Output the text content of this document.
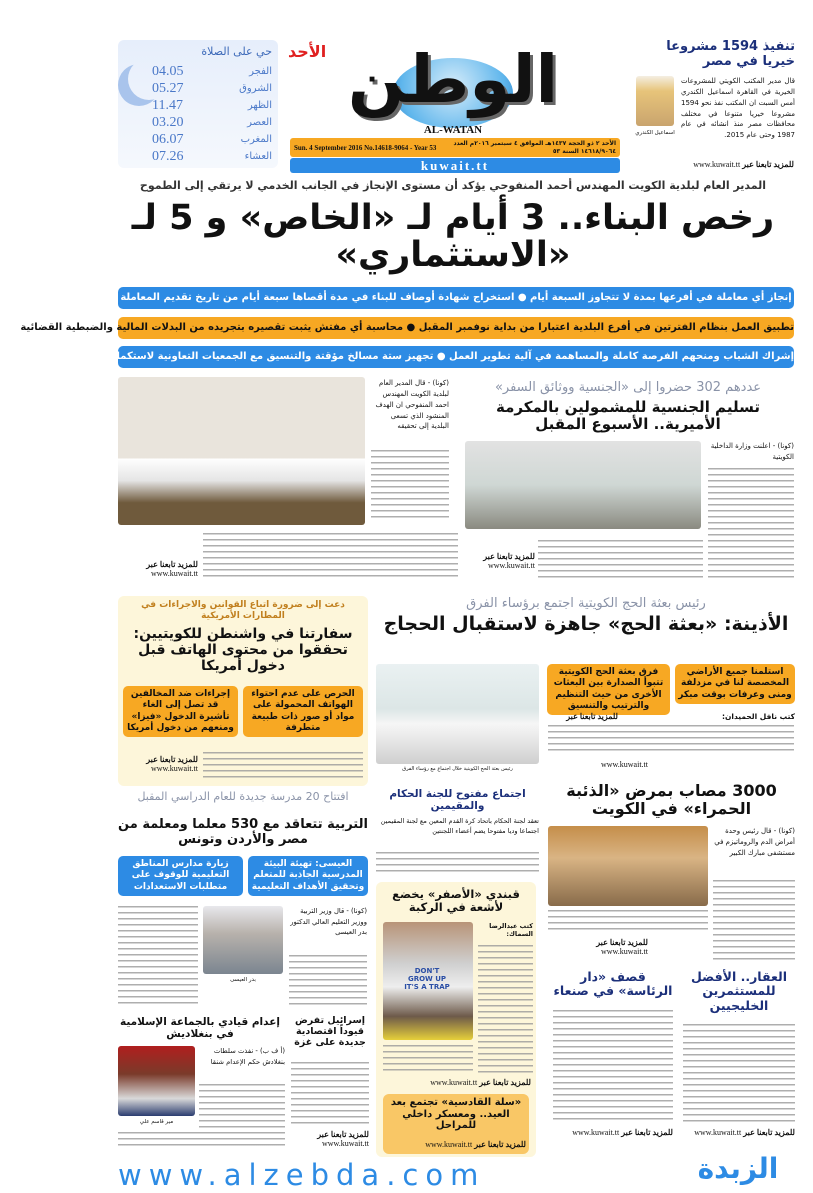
حي على الصلاة
الفجر
04.05
الشروق
05.27
الظهر
11.47
العصر
03.20
المغرب
06.07
العشاء
07.26
الأحد الوطن
AL-WATAN
Sun. 4 September 2016 No.14618-9064 - Year 53
الأحد ٢ ذو الحجة ١٤٣٧هـ الموافق ٤ سبتمبر ٢٠١٦م العدد ١٤٦١٨/٩٠٦٤ السنة ٥٣
kuwait.tt
تنفيذ 1594 مشروعا خيريا في مصر
اسماعيل الكندري
قال مدير المكتب الكويتي للمشروعات الخيرية في القاهرة اسماعيل الكندري أمس السبت ان المكتب نفذ نحو 1594 مشروعا خيريا متنوعا في مختلف محافظات مصر منذ انشائه في عام 1987 وحتى عام 2015.
للمزيد تابعنا عبر www.kuwait.tt
المدير العام لبلدية الكويت المهندس أحمد المنفوحي يؤكد أن مستوى الإنجاز في الجانب الخدمي لا يرتقي إلى الطموح
رخص البناء.. 3 أيام لـ «الخاص» و 5 لـ «الاستثماري»
إنجاز أي معاملة في أفرعها بمدة لا تتجاوز السبعة أيام ● استخراج شهادة أوصاف للبناء في مدة أقصاها سبعة أيام من تاريخ تقديم المعاملة
تطبيق العمل بنظام الفترتين في أفرع البلدية اعتبارا من بداية نوفمبر المقبل ● محاسبة أي مفتش يثبت تقصيره بتجريده من البدلات المالية والضبطية القضائية
إشراك الشباب ومنحهم الفرصة كاملة والمساهمة في آلية تطوير العمل ● تجهيز ستة مسالخ مؤقتة والتنسيق مع الجمعيات التعاونية لاستكمال جاهزية باقي المسالخ
(كونا) - قال المدير العام لبلدية الكويت المهندس احمد المنفوحي ان الهدف المنشود الذي تسعى البلدية إلى تحقيقه
للمزيد تابعنا عبر
www.kuwait.tt
عددهم 302 حضروا إلى «الجنسية ووثائق السفر»
تسليم الجنسية للمشمولين بالمكرمة الأميرية.. الأسبوع المقبل
(كونا) - اعلنت وزارة الداخلية الكويتية
للمزيد تابعنا عبر
www.kuwait.tt
دعت إلى ضرورة اتباع القوانين والاجراءات في المطارات الأمريكية
سفارتنا في واشنطن للكويتيين: تحققوا من محتوى الهاتف قبل دخول أمريكا
الحرص على عدم احتواء الهواتف المحمولة على مواد أو صور ذات طبيعة متطرفة
إجراءات ضد المخالفين قد تصل إلى الغاء تأشيرة الدخول «فيزا» ومنعهم من دخول أمريكا
للمزيد تابعنا عبر
www.kuwait.tt
رئيس بعثة الحج الكويتية اجتمع برؤساء الفرق
الأذينة: «بعثة الحج» جاهزة لاستقبال الحجاج
استلمنا جميع الأراضي المخصصة لنا في مزدلفة ومنى وعرفات بوقت مبكر
فرق بعثة الحج الكويتية تتبوأ الصدارة بين البعثات الأخرى من حيث التنظيم والترتيب والتنسيق
رئيس بعثة الحج الكويتية خلال اجتماع مع رؤساء الفرق
كتب نافل الحميدان:
للمزيد تابعنا عبر
www.kuwait.tt
3000 مصاب بمرض «الذئبة الحمراء» في الكويت
(كونا) - قال رئيس وحدة أمراض الدم والروماتيزم في مستشفى مبارك الكبير
للمزيد تابعنا عبر
www.kuwait.tt
اجتماع مفتوح للجنة الحكام والمقيمين
تعقد لجنة الحكام باتحاد كرة القدم المعين مع لجنة المقيمين اجتماعا وديا مفتوحا يضم أعضاء اللجنتين
افتتاح 20 مدرسة جديدة للعام الدراسي المقبل
التربية تتعاقد مع 530 معلما ومعلمة من مصر والأردن وتونس
العيسى: تهيئة البيئة المدرسية الجاذبة للمتعلم وتحقيق الأهداف التعليمية
زيارة مدارس المناطق التعليمية للوقوف على متطلبات الاستعدادات
بدر العيسى
(كونا) - قال وزير التربية ووزير التعليم العالي الدكتور بدر العيسى
قبندي «الأصفر» يخضع لأشعة في الركبة
DON'T GROW UP IT'S A TRAP
كتب عبدالرضا السماك:
للمزيد تابعنا عبر www.kuwait.tt
«سلة القادسية» تجتمع بعد العيد.. ومعسكر داخلي للمراحل
للمزيد تابعنا عبر www.kuwait.tt
العقار.. الأفضل للمستثمرين الخليجيين
للمزيد تابعنا عبر www.kuwait.tt
قصف «دار الرئاسة» في صنعاء
للمزيد تابعنا عبر www.kuwait.tt
إسرائيل تفرض قيوداً اقتصادية جديدة على غزة
للمزيد تابعنا عبر
www.kuwait.tt
إعدام قيادي بالجماعة الإسلامية في بنغلاديش
مير قاسم علي
(أ ف ب) - نفذت سلطات بنغلادش حكم الإعدام شنقا
www.alzebda.com	الزبدة
